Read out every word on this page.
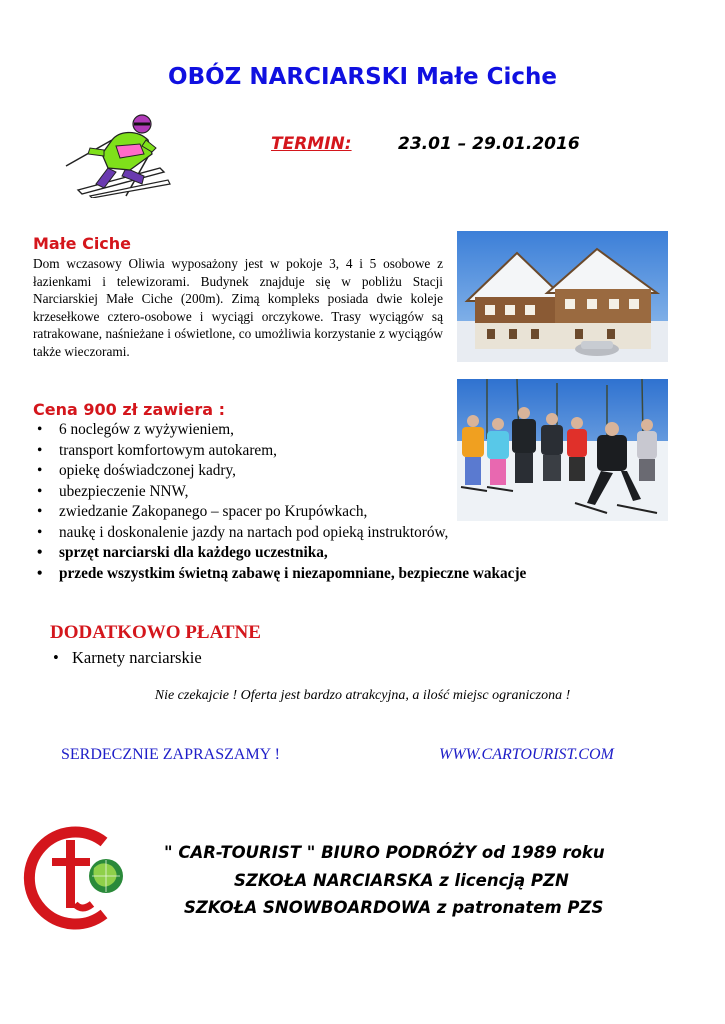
OBÓZ NARCIARSKI Małe Ciche
TERMIN:	23.01 – 29.01.2016
Małe Ciche
Dom wczasowy Oliwia wyposażony jest w pokoje 3, 4 i 5 osobowe z łazienkami i telewizorami. Budynek znajduje się w pobliżu Stacji Narciarskiej Małe Ciche (200m). Zimą kompleks posiada dwie koleje krzesełkowe cztero-osobowe i wyciągi orczykowe. Trasy wyciągów są ratrakowane, naśnieżane i oświetlone, co umożliwia korzystanie z wyciągów także wieczorami.
Cena 900 zł zawiera :
• 6 noclegów z wyżywieniem,
• transport komfortowym autokarem,
• opiekę doświadczonej kadry,
• ubezpieczenie NNW,
• zwiedzanie Zakopanego – spacer po Krupówkach,
• naukę i doskonalenie jazdy na nartach pod opieką instruktorów,
• sprzęt narciarski dla każdego uczestnika,
• przede wszystkim świetną zabawę i niezapomniane, bezpieczne wakacje
DODATKOWO PŁATNE
• Karnety narciarskie
Nie czekajcie ! Oferta jest bardzo atrakcyjna, a ilość miejsc ograniczona !
SERDECZNIE ZAPRASZAMY !	WWW.CARTOURIST.COM
" CAR-TOURIST " BIURO PODRÓŻY od 1989 roku
SZKOŁA NARCIARSKA z licencją PZN
SZKOŁA SNOWBOARDOWA z patronatem PZS
